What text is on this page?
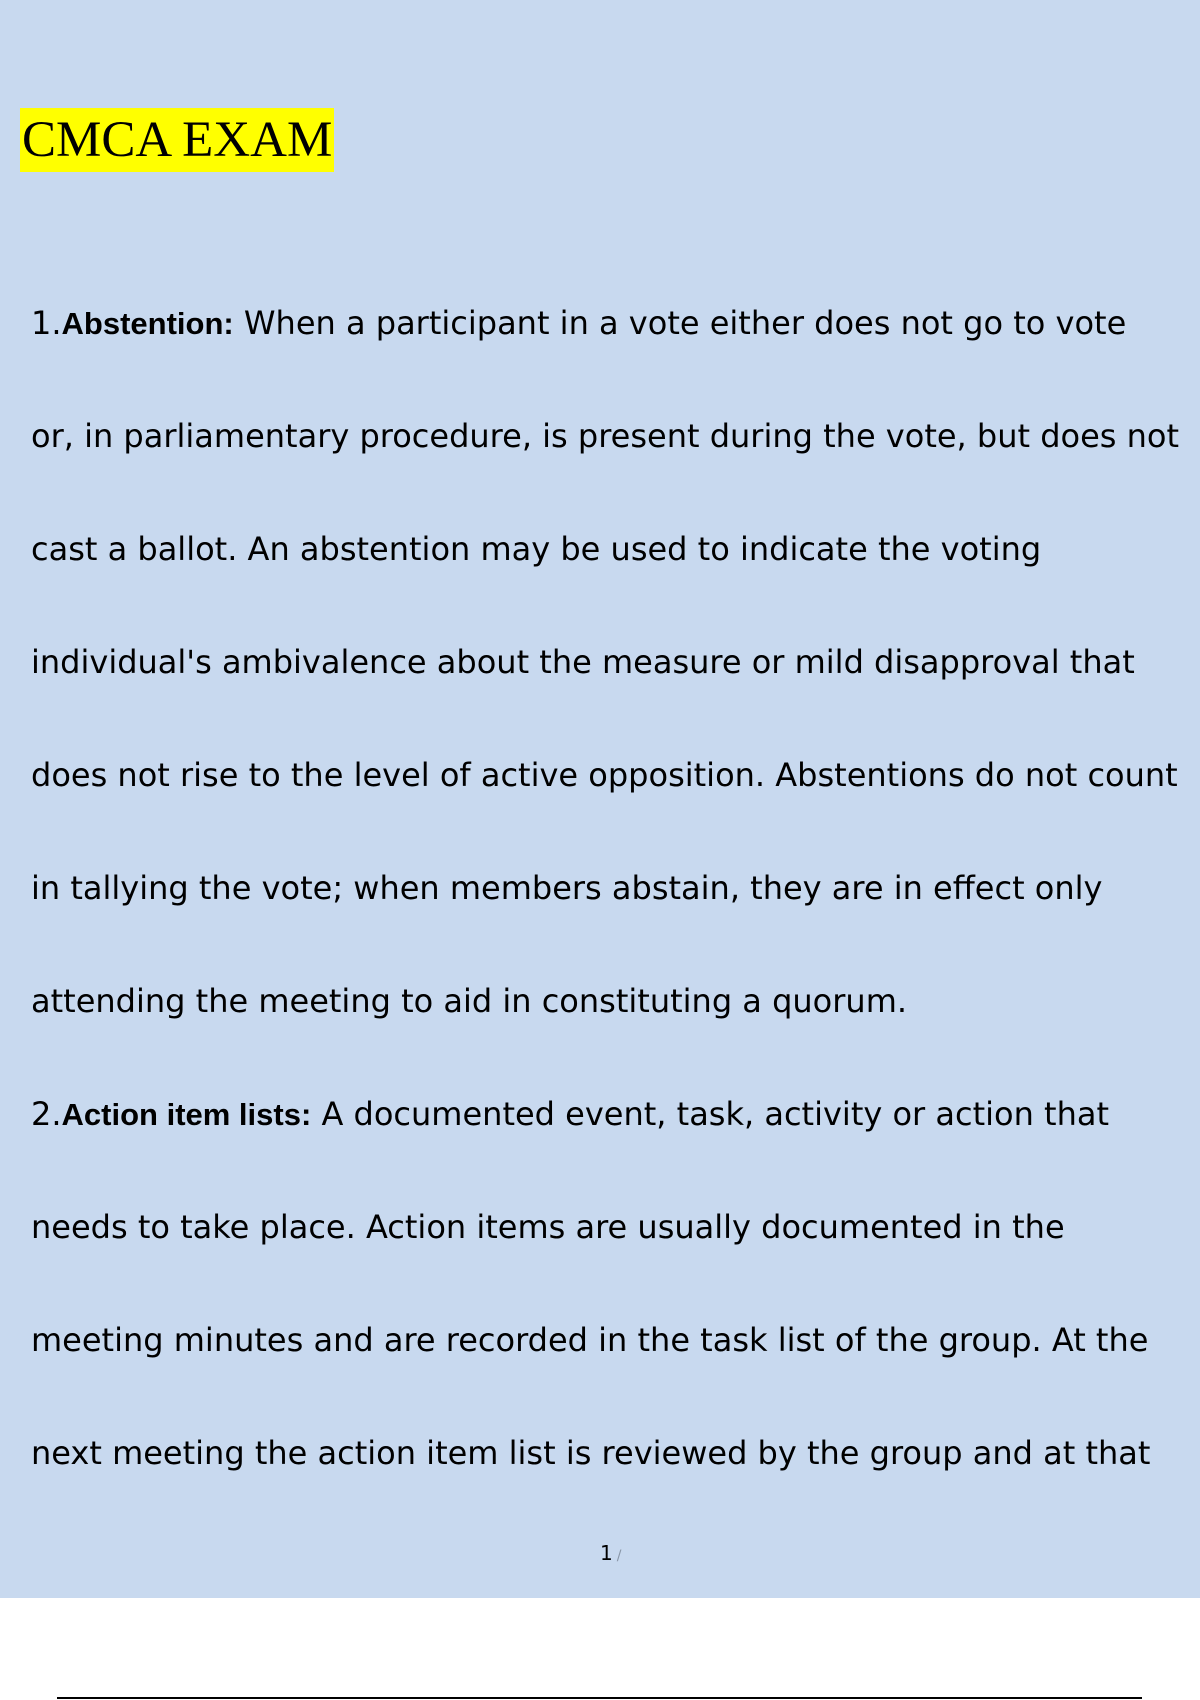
CMCA EXAM
1.Abstention: When a participant in a vote either does not go to vote
or, in parliamentary procedure, is present during the vote, but does not
cast a ballot. An abstention may be used to indicate the voting
individual's ambivalence about the measure or mild disapproval that
does not rise to the level of active opposition. Abstentions do not count
in tallying the vote; when members abstain, they are in effect only
attending the meeting to aid in constituting a quorum.
2.Action item lists: A documented event, task, activity or action that
needs to take place. Action items are usually documented in the
meeting minutes and are recorded in the task list of the group. At the
next meeting the action item list is reviewed by the group and at that
1 /
